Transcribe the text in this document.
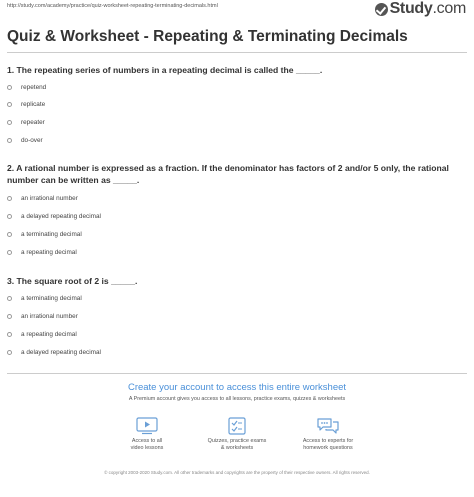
http://study.com/academy/practice/quiz-worksheet-repeating-terminating-decimals.html	Study.com
Quiz & Worksheet - Repeating & Terminating Decimals
1. The repeating series of numbers in a repeating decimal is called the _____.
repetend
replicate
repeater
do-over
2. A rational number is expressed as a fraction. If the denominator has factors of 2 and/or 5 only, the rational number can be written as _____.
an irrational number
a delayed repeating decimal
a terminating decimal
a repeating decimal
3. The square root of 2 is _____.
a terminating decimal
an irrational number
a repeating decimal
a delayed repeating decimal
Create your account to access this entire worksheet
A Premium account gives you access to all lessons, practice exams, quizzes & worksheets
Access to all
video lessons
Quizzes, practice exams
& worksheets
Access to experts for
homework questions
© copyright 2003-2020 Study.com. All other trademarks and copyrights are the property of their respective owners. All rights reserved.
